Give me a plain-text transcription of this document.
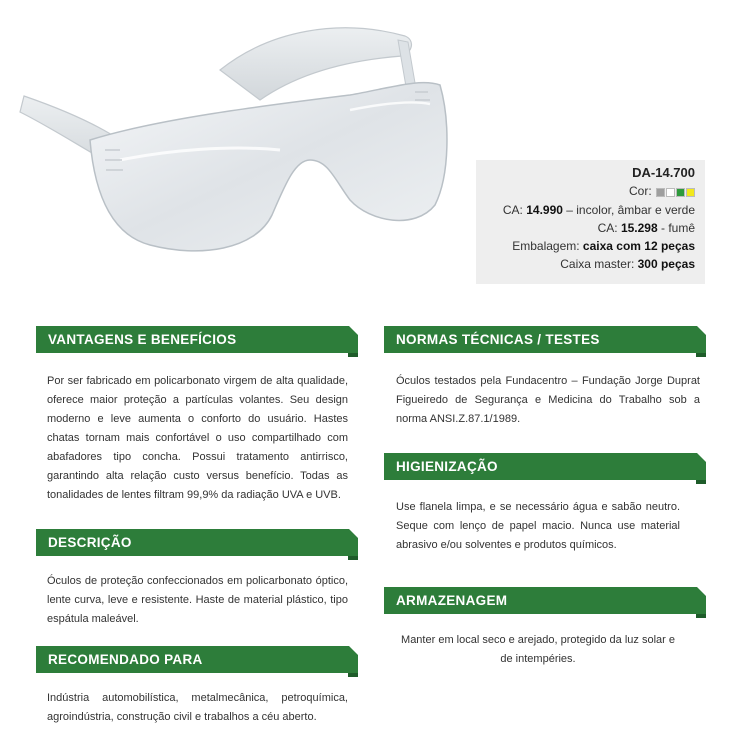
DA-14.700
Cor:
CA: 14.990 – incolor, âmbar e verde
CA: 15.298 - fumê
Embalagem: caixa com 12 peças
Caixa master: 300 peças
VANTAGENS E BENEFÍCIOS
Por ser fabricado em policarbonato virgem de alta qualidade, oferece maior proteção a partículas volantes. Seu design moderno e leve aumenta o conforto do usuário. Hastes chatas tornam mais confortável o uso compartilhado com abafadores tipo concha. Possui tratamento antirrisco, garantindo alta relação custo versus benefício. Todas as tonalidades de lentes filtram 99,9% da radiação UVA e UVB.
DESCRIÇÃO
Óculos de proteção confeccionados em policarbonato óptico, lente curva, leve e resistente. Haste de material plástico, tipo espátula maleável.
RECOMENDADO PARA
Indústria automobilística, metalmecânica, petroquímica, agroindústria, construção civil e trabalhos a céu aberto.
NORMAS TÉCNICAS / TESTES
Óculos testados pela Fundacentro – Fundação Jorge Duprat Figueiredo de Segurança e Medicina do Trabalho sob a norma ANSI.Z.87.1/1989.
HIGIENIZAÇÃO
Use flanela limpa, e se necessário água e sabão neutro. Seque com lenço de papel macio. Nunca use material abrasivo e/ou solventes e produtos químicos.
ARMAZENAGEM
Manter em local seco e arejado, protegido da luz solar e de intempéries.
